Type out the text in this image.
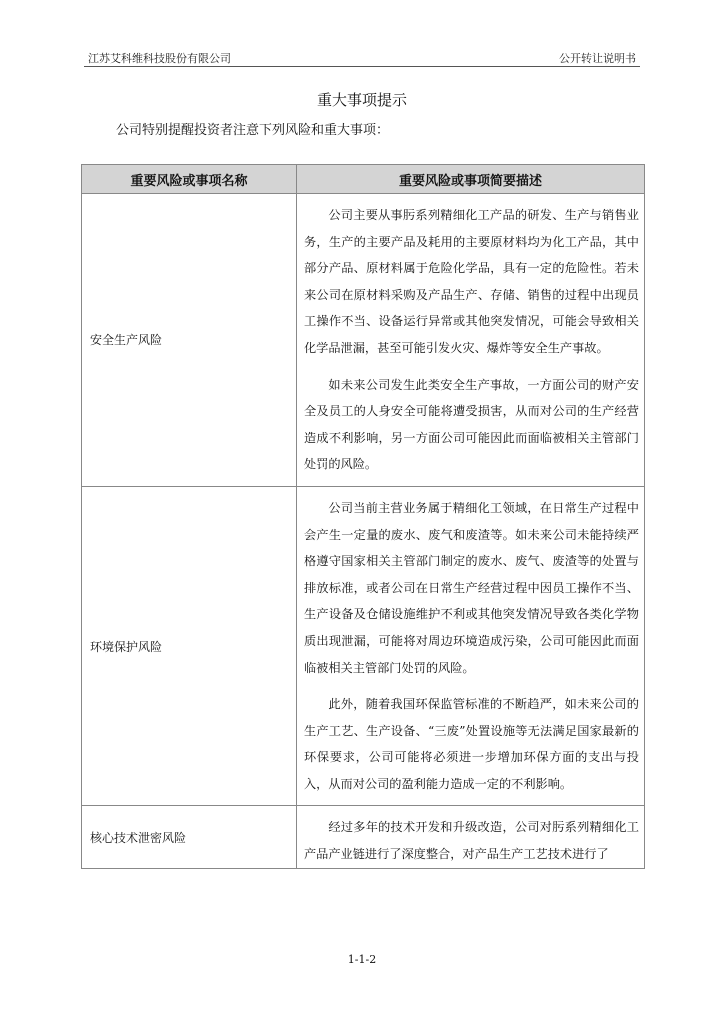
江苏艾科维科技股份有限公司	公开转让说明书
重大事项提示
公司特别提醒投资者注意下列风险和重大事项：
重要风险或事项名称	重要风险或事项简要描述
安全生产风险	公司主要从事肟系列精细化工产品的研发、生产与销售业务，生产的主要产品及耗用的主要原材料均为化工产品，其中部分产品、原材料属于危险化学品，具有一定的危险性。若未来公司在原材料采购及产品生产、存储、销售的过程中出现员工操作不当、设备运行异常或其他突发情况，可能会导致相关化学品泄漏，甚至可能引发火灾、爆炸等安全生产事故。

如未来公司发生此类安全生产事故，一方面公司的财产安全及员工的人身安全可能将遭受损害，从而对公司的生产经营造成不利影响，另一方面公司可能因此而面临被相关主管部门处罚的风险。

环境保护风险	公司当前主营业务属于精细化工领域，在日常生产过程中会产生一定量的废水、废气和废渣等。如未来公司未能持续严格遵守国家相关主管部门制定的废水、废气、废渣等的处置与排放标准，或者公司在日常生产经营过程中因员工操作不当、生产设备及仓储设施维护不利或其他突发情况导致各类化学物质出现泄漏，可能将对周边环境造成污染，公司可能因此而面临被相关主管部门处罚的风险。

此外，随着我国环保监管标准的不断趋严，如未来公司的生产工艺、生产设备、“三废”处置设施等无法满足国家最新的环保要求，公司可能将必须进一步增加环保方面的支出与投入，从而对公司的盈利能力造成一定的不利影响。

核心技术泄密风险	经过多年的技术开发和升级改造，公司对肟系列精细化工产品产业链进行了深度整合，对产品生产工艺技术进行了

1-1-2
